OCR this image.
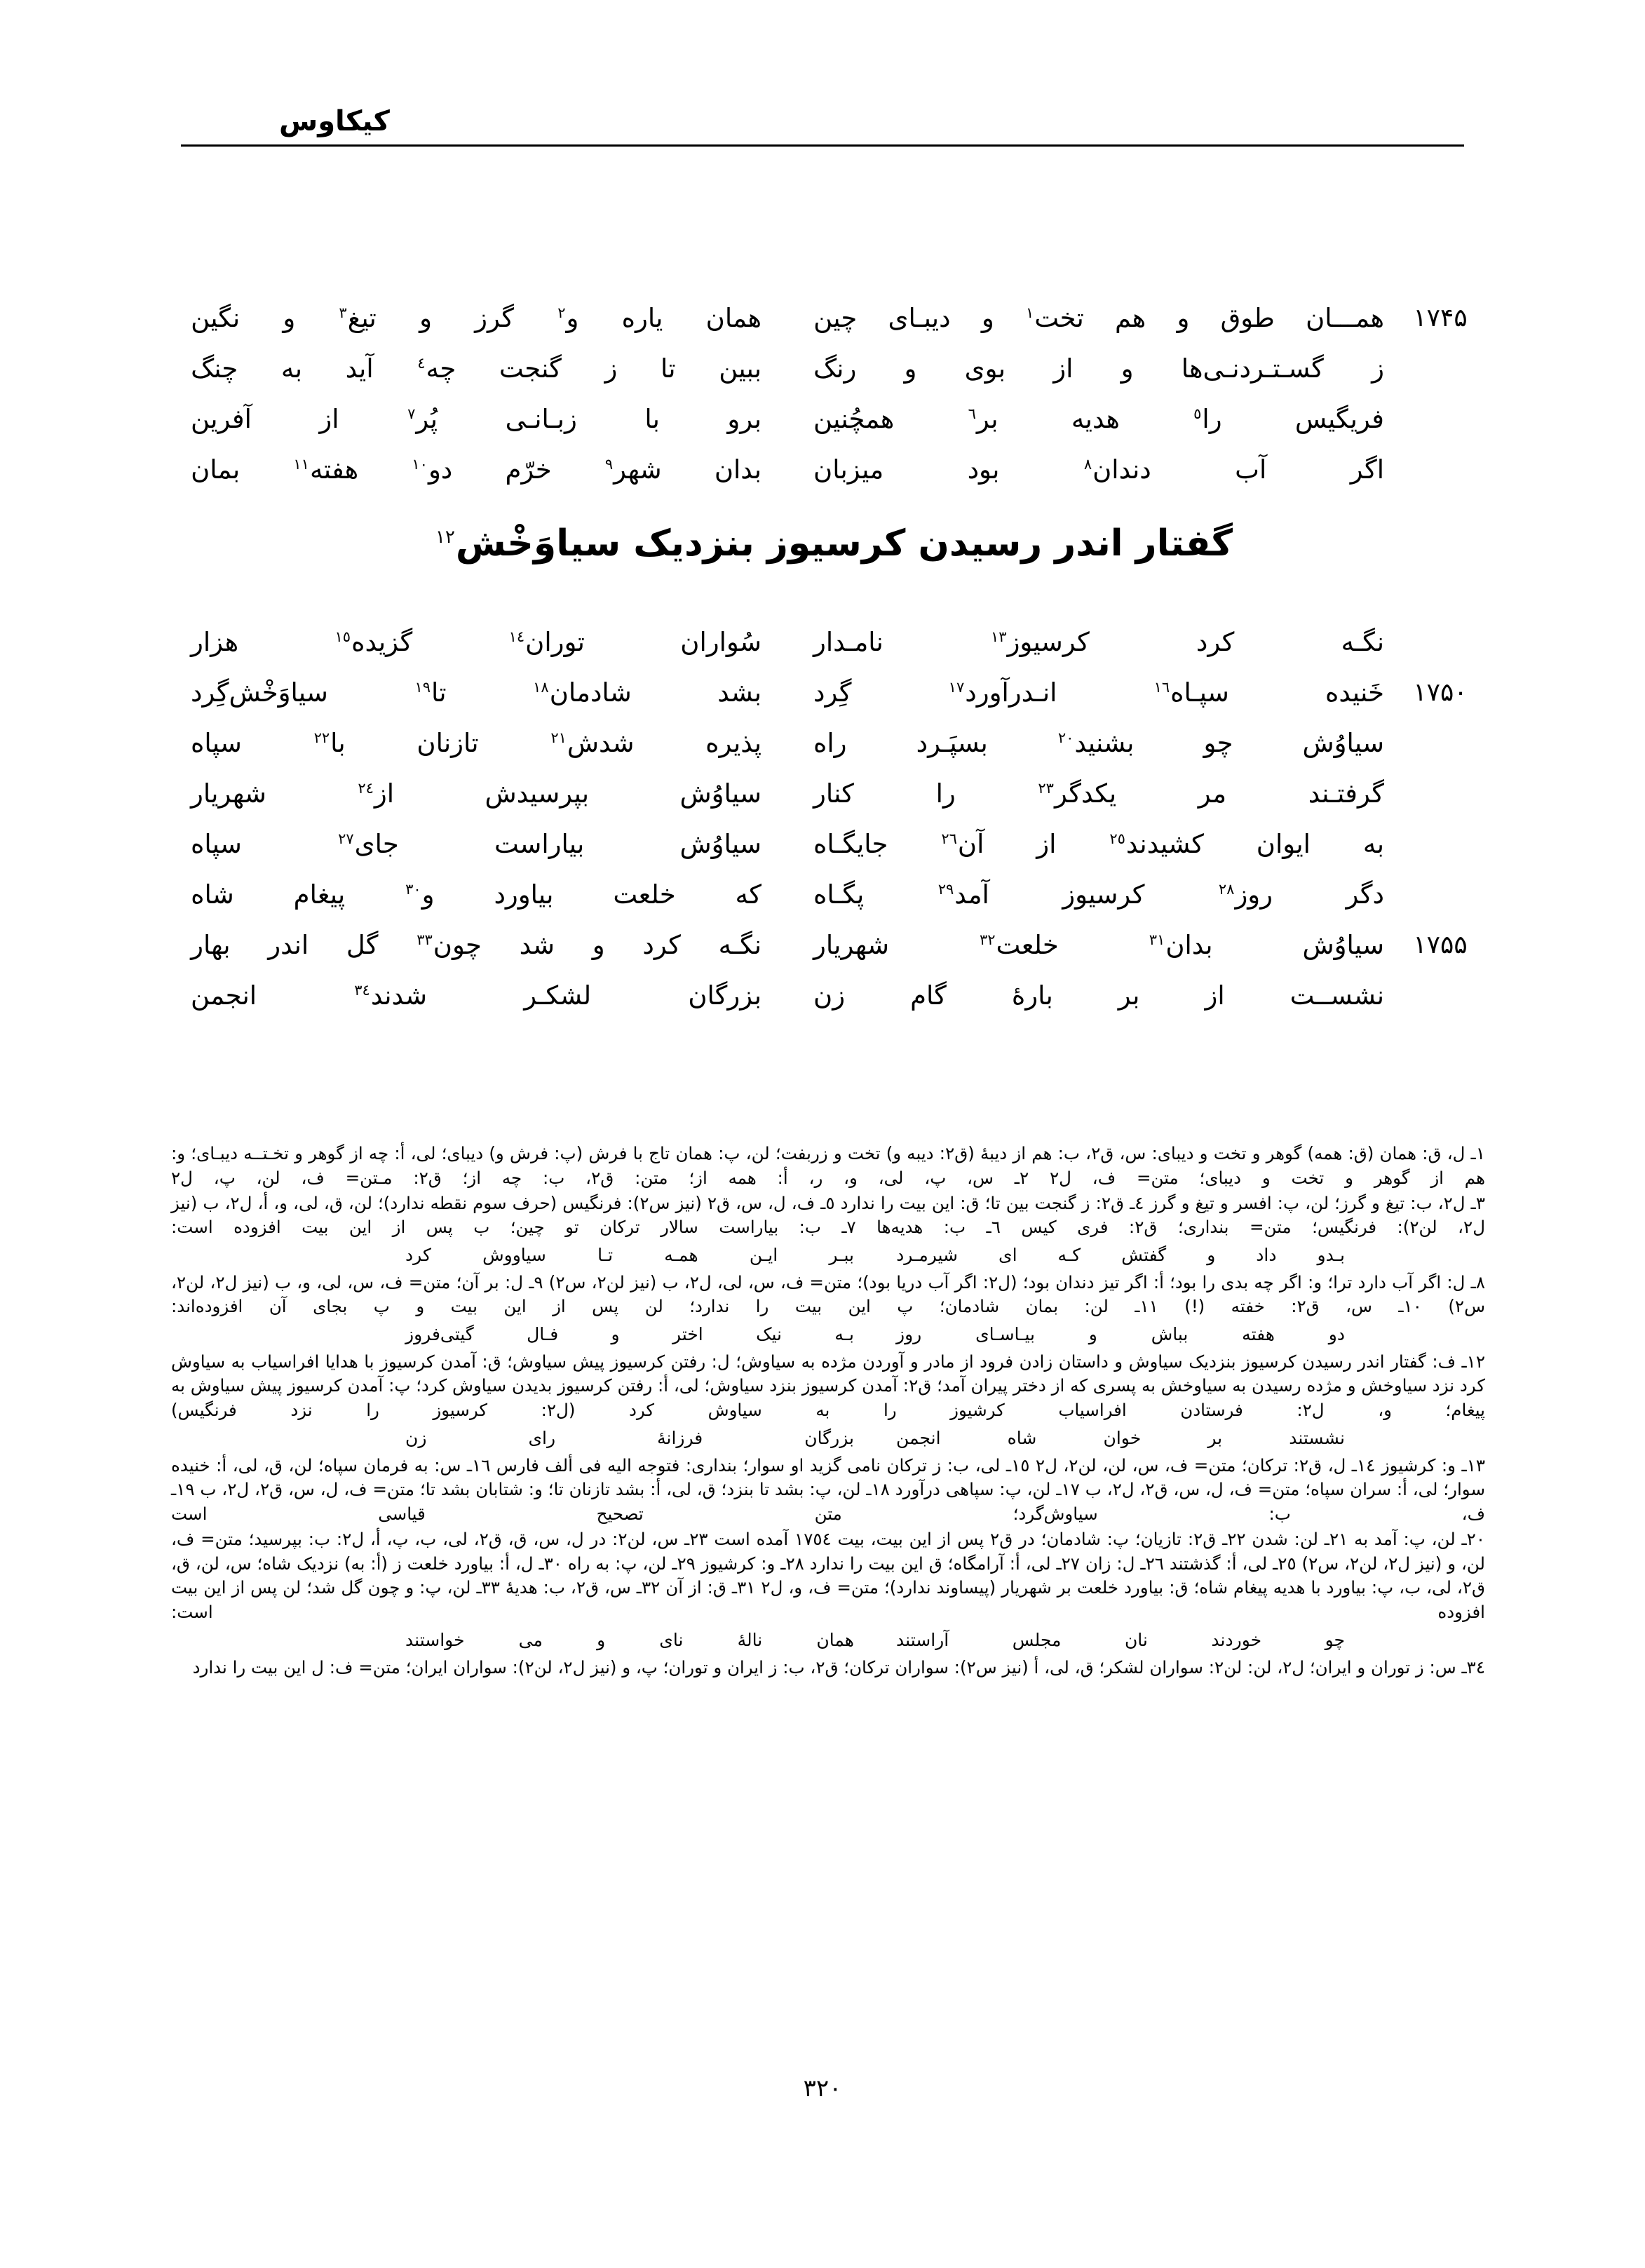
کیکاوس
۱۷۴۵
همـــان
طوق
و
هم
تخت$^١$
و
دیبـای
چین
همان
یاره
و$^٢$
گرز
و
تیغ$^٣$
و
نگین
ز
گسـتـردنـی‌ها
و
از
بوی
و
رنگ
ببین
تا
ز
گنجت
چه$^٤$
آید
به
چنگ
فریگیس
را$^٥$
هدیه
بر$^٦$
همچُنین
برو
با
زبـانـی
پُر$^٧$
از
آفرین
اگر
آب
دندان$^٨$
بود
میزبان
بدان
شهر$^٩$
خرّم
دو$^{١٠}$
هفته$^{١١}$
بمان
گفتار اندر رسیدن کرسیوز بنزدیک سیاوَخْش$^{١٢}$
نگـه
کرد
کرسیوز$^{١٣}$
نامـدار
سُواران
توران$^{١٤}$
گزیده$^{١٥}$
هزار
۱۷۵۰
خَنیده
سپـاه$^{١٦}$
انـدرآورد$^{١٧}$
گِرد
بشد
شادمان$^{١٨}$
تا$^{١٩}$
سیاوَخْش‌گِرد
سیاوُش
چو
بشنید$^{٢٠}$
بسپَـرد
راه
پذیره
شدش$^{٢١}$
تازنان
با$^{٢٢}$
سپاه
گرفتـند
مر
یکدگر$^{٢٣}$
را
کنار
سیاوُش
بپرسیدش
از$^{٢٤}$
شهریار
به
ایوان
کشیدند$^{٢٥}$
از
آن$^{٢٦}$
جایگـاه
سیاوُش
بیاراست
جای$^{٢٧}$
سپاه
دگر
روز$^{٢٨}$
کرسیوز
آمد$^{٢٩}$
پگـاه
که
خلعت
بیاورد
و$^{٣٠}$
پیغام
شاه
۱۷۵۵
سیاوُش
بدان$^{٣١}$
خلعت$^{٣٢}$
شهریار
نگـه
کرد
و
شد
چون$^{٣٣}$
گل
اندر
بهار
نشســت
از
بر
بارهٔ
گام
زن
بزرگان
لشکـر
شدند$^{٣٤}$
انجمن
١ـ ل، ق: همان (ق: همه) گوهر و تخت و دیبای: س، ق‌٢، ب: هم از دیبهٔ (ق‌٢: دیبه و) تخت و زربفت؛ لن، پ: همان تاج با فرش (پ: فرش و) دیبای؛ لی، أ: چه از گوهر و تخـتــه دیبـای؛ و: هم از گوهر و تخت و دیبای؛ متن= ف، ل‌٢ ٢ـ س، پ، لی، و، ر، أ: همه از؛ متن: ق‌٢، ب: چه از؛ ق‌٢: مـتن= ف، لن، پ، ل‌٢
٣ـ ل‌٢، ب: تیغ و گرز؛ لن، پ: افسر و تیغ و گرز ٤ـ ق‌٢: ز گنجت بین تا؛ ق: این بیت را ندارد ٥ـ ف، ل، س، ق‌٢ (نیز س‌٢): فرنگیس (حرف سوم نقطه ندارد)؛ لن، ق، لی، و، أ، ل‌٢، ب (نیز ل‌٢، لن‌٢): فرنگیس؛ متن= بنداری؛ ق‌٢: فری کیس ٦ـ ب: هدیه‌ها ٧ـ ب: بیاراست سالار ترکان تو چین؛ ب پس از این بیت افزوده است:
بـدو
داد
و
گفتش
کـه
ای
شیرمـرد
ببـر
ایـن
همـه
تـا
سیاووش
کرد
٨ـ ل: اگر آب دارد ترا؛ و: اگر چه بدی را بود؛ أ: اگر تیز دندان بود؛ (ل‌٢: اگر آب دریا بود)؛ متن= ف، س، لی، ل‌٢، ب (نیز لن‌٢، س‌٢) ٩ـ ل: بر آن؛ متن= ف، س، لی، و، ب (نیز ل‌٢، لن‌٢، س‌٢) ١٠ـ س، ق‌٢: خفته (!) ١١ـ لن: بمان شادمان؛ پ این بیت را ندارد؛ لن پس از این بیت و پ بجای آن افزوده‌اند:
دو
هفته
بباش
و
بیـاسـای
روز
بـه
نیک
اختر
و
فـال
گیتی‌فروز
١٢ـ ف: گفتار اندر رسیدن کرسیوز بنزدیک سیاوش و داستان زادن فرود از مادر و آوردن مژده به سیاوش؛ ل: رفتن کرسیوز پیش سیاوش؛ ق: آمدن کرسیوز با هدایا افراسیاب به سیاوش کرد نزد سیاوخش و مژده رسیدن به سیاوخش به پسری که از دختر پیران آمد؛ ق‌٢: آمدن کرسیوز بنزد سیاوش؛ لی، أ: رفتن کرسیوز بدیدن سیاوش کرد؛ پ: آمدن کرسیوز پیش سیاوش به پیغام؛ و، ل‌٢: فرستادن افراسیاب کرشیوز را به سیاوش کرد (ل‌٢: کرسیوز را نزد فرنگیس)
نشستند
بر
خوان
شاه
انجمن
بزرگان
فرزانهٔ
رای
زن
١٣ـ و: کرشیوز ١٤ـ ل، ق‌٢: ترکان؛ متن= ف، س، لن، لن‌٢، ل‌٢ ١٥ـ لی، ب: ز ترکان نامی گزید او سوار؛ بنداری: فتوجه الیه فی ألف فارس ١٦ـ س: به فرمان سپاه؛ لن، ق، لی، أ: خنیده سوار؛ لی، أ: سران سپاه؛ متن= ف، ل، س، ق‌٢، ل‌٢، ب ١٧ـ لن، پ: سپاهی درآورد ١٨ـ لن، پ: بشد تا بنزد؛ ق، لی، أ: بشد تازنان تا؛ و: شتابان بشد تا؛ متن= ف، ل، س، ق‌٢، ل‌٢، ب ١٩ـ ف، ب: سیاوش‌گرد؛ متن تصحیح قیاسی است
٢٠ـ لن، پ: آمد به ٢١ـ لن: شدن ٢٢ـ ق‌٢: تازیان؛ پ: شادمان؛ در ق‌٢ پس از این بیت، بیت ١٧٥٤ آمده است ٢٣ـ س، لن‌٢: در ل، س، ق، ق‌٢، لی، ب، پ، أ، ل‌٢: ب: بپرسید؛ متن= ف، لن، و (نیز ل‌٢، لن‌٢، س‌٢) ٢٥ـ لی، أ: گذشتند ٢٦ـ ل: زان ٢٧ـ لی، أ: آرامگاه؛ ق این بیت را ندارد ٢٨ـ و: کرشیوز ٢٩ـ لن، پ: به راه ٣٠ـ ل، أ: بیاورد خلعت ز (أ: به) نزدیک شاه؛ س، لن، ق، ق‌٢، لی، ب، پ: بیاورد با هدیه پیغام شاه؛ ق: بیاورد خلعت بر شهریار (پیساوند ندارد)؛ متن= ف، و، ل‌٢ ٣١ـ ق: از آن ٣٢ـ س، ق‌٢، ب: هدیهٔ ٣٣ـ لن، پ: و چون گل شد؛ لن پس از این بیت افزوده است:
چو
خوردند
نان
مجلس
آراستند
همان
نالهٔ
نای
و
می
خواستند
٣٤ـ س: ز توران و ایران؛ ل‌٢، لن: لن‌٢: سواران لشکر؛ ق، لی، أ (نیز س‌٢): سواران ترکان؛ ق‌٢، ب: ز ایران و توران؛ پ، و (نیز ل‌٢، لن‌٢): سواران ایران؛ متن= ف: ل این بیت را ندارد
۳۲۰
